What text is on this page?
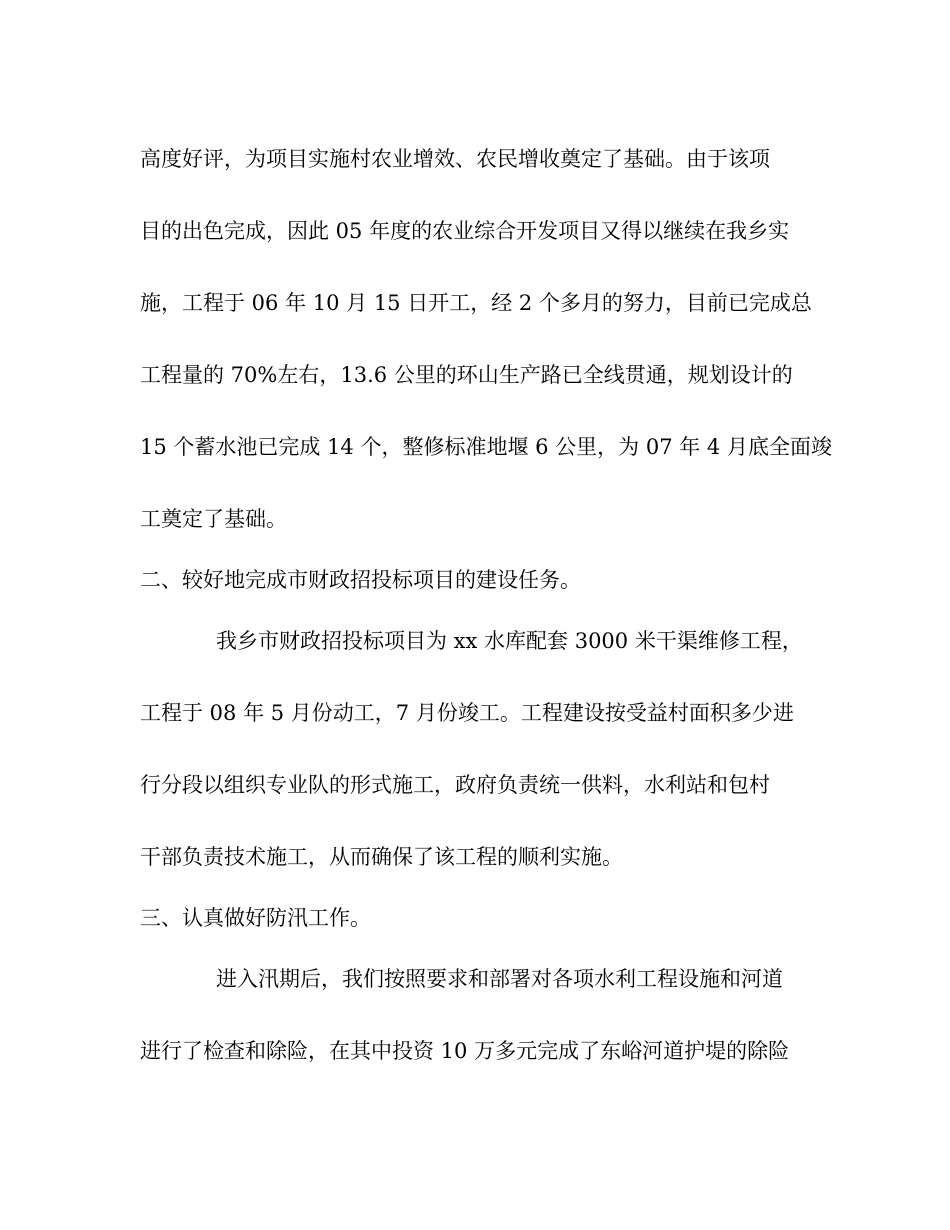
高度好评，为项目实施村农业增效、农民增收奠定了基础。由于该项
目的出色完成，因此 05 年度的农业综合开发项目又得以继续在我乡实
施，工程于 06 年 10 月 15 日开工，经 2 个多月的努力，目前已完成总
工程量的 70%左右，13.6 公里的环山生产路已全线贯通，规划设计的
15 个蓄水池已完成 14 个，整修标准地堰 6 公里，为 07 年 4 月底全面竣
工奠定了基础。
二、较好地完成市财政招投标项目的建设任务。
我乡市财政招投标项目为 xx 水库配套 3000 米干渠维修工程，
工程于 08 年 5 月份动工，7 月份竣工。工程建设按受益村面积多少进
行分段以组织专业队的形式施工，政府负责统一供料，水利站和包村
干部负责技术施工，从而确保了该工程的顺利实施。
三、认真做好防汛工作。
进入汛期后，我们按照要求和部署对各项水利工程设施和河道
进行了检查和除险，在其中投资 10 万多元完成了东峪河道护堤的除险
